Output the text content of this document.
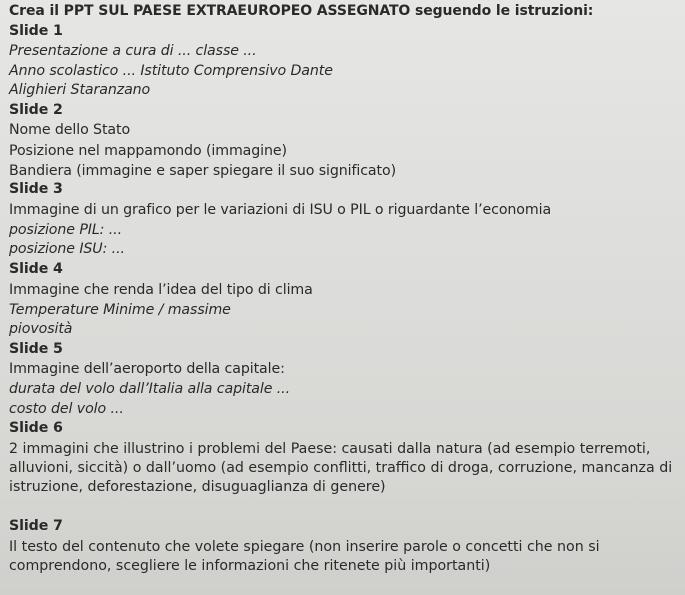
Crea il PPT SUL PAESE EXTRAEUROPEO ASSEGNATO seguendo le istruzioni:
Slide 1
Presentazione a cura di ... classe ...
Anno scolastico ... Istituto Comprensivo Dante
Alighieri Staranzano
Slide 2
Nome dello Stato
Posizione nel mappamondo (immagine)
Bandiera (immagine e saper spiegare il suo significato)
Slide 3
Immagine di un grafico per le variazioni di ISU o PIL o riguardante l’economia
posizione PIL: ...
posizione ISU: ...
Slide 4
Immagine che renda l’idea del tipo di clima
Temperature Minime / massime
piovosità
Slide 5
Immagine dell’aeroporto della capitale:
durata del volo dall’Italia alla capitale ...
costo del volo ...
Slide 6
2 immagini che illustrino i problemi del Paese: causati dalla natura (ad esempio terremoti, alluvioni, siccità) o dall’uomo (ad esempio conflitti, traffico di droga, corruzione, mancanza di istruzione, deforestazione, disuguaglianza di genere)
Slide 7
Il testo del contenuto che volete spiegare (non inserire parole o concetti che non si comprendono, scegliere le informazioni che ritenete più importanti)
